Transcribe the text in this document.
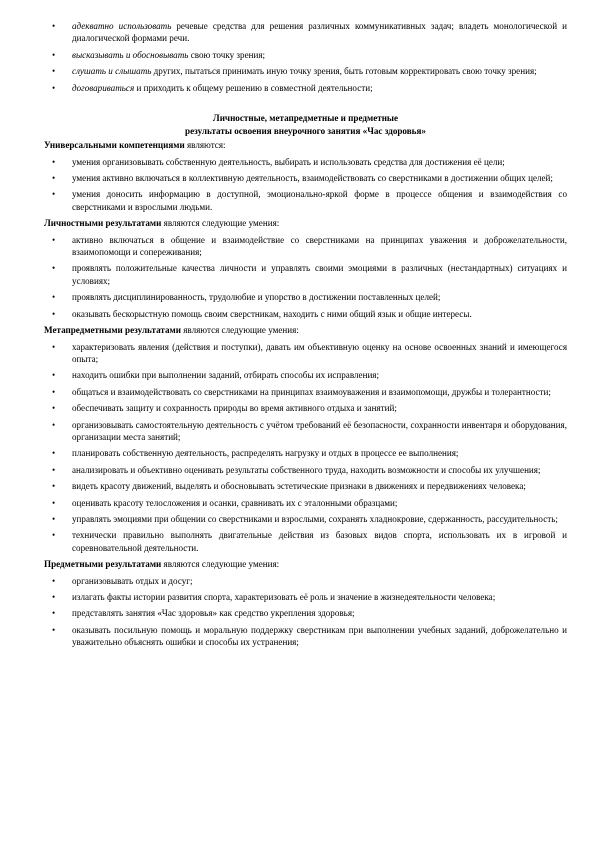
• адекватно использовать речевые средства для решения различных коммуникативных задач; владеть монологической и диалогической формами речи.
• высказывать и обосновывать свою точку зрения;
• слушать и слышать других, пытаться принимать иную точку зрения, быть готовым корректировать свою точку зрения;
• договариваться и приходить к общему решению в совместной деятельности;
Личностные, метапредметные и предметные
результаты освоения внеурочного занятия «Час здоровья»
Универсальными компетенциями являются:
• умения организовывать собственную деятельность, выбирать и использовать средства для достижения её цели;
• умения активно включаться в коллективную деятельность, взаимодействовать со сверстниками в достижении общих целей;
• умения доносить информацию в доступной, эмоционально-яркой форме в процессе общения и взаимодействия со сверстниками и взрослыми людьми.
Личностными результатами являются следующие умения:
• активно включаться в общение и взаимодействие со сверстниками на принципах уважения и доброжелательности, взаимопомощи и сопереживания;
• проявлять положительные качества личности и управлять своими эмоциями в различных (нестандартных) ситуациях и условиях;
• проявлять дисциплинированность, трудолюбие и упорство в достижении поставленных целей;
• оказывать бескорыстную помощь своим сверстникам, находить с ними общий язык и общие интересы.
Метапредметными результатами являются следующие умения:
• характеризовать явления (действия и поступки), давать им объективную оценку на основе освоенных знаний и имеющегося опыта;
• находить ошибки при выполнении заданий, отбирать способы их исправления;
• общаться и взаимодействовать со сверстниками на принципах взаимоуважения и взаимопомощи, дружбы и толерантности;
• обеспечивать защиту и сохранность природы во время активного отдыха и занятий;
• организовывать самостоятельную деятельность с учётом требований её безопасности, сохранности инвентаря и оборудования, организации места занятий;
• планировать собственную деятельность, распределять нагрузку и отдых в процессе ее выполнения;
• анализировать и объективно оценивать результаты собственного труда, находить возможности и способы их улучшения;
• видеть красоту движений, выделять и обосновывать эстетические признаки в движениях и передвижениях человека;
• оценивать красоту телосложения и осанки, сравнивать их с эталонными образцами;
• управлять эмоциями при общении со сверстниками и взрослыми, сохранять хладнокровие, сдержанность, рассудительность;
• технически правильно выполнять двигательные действия из базовых видов спорта, использовать их в игровой и соревновательной деятельности.
Предметными результатами являются следующие умения:
• организовывать отдых и досуг;
• излагать факты истории развития спорта, характеризовать её роль и значение в жизнедеятельности человека;
• представлять занятия «Час здоровья» как средство укрепления здоровья;
• оказывать посильную помощь и моральную поддержку сверстникам при выполнении учебных заданий, доброжелательно и уважительно объяснять ошибки и способы их устранения;
